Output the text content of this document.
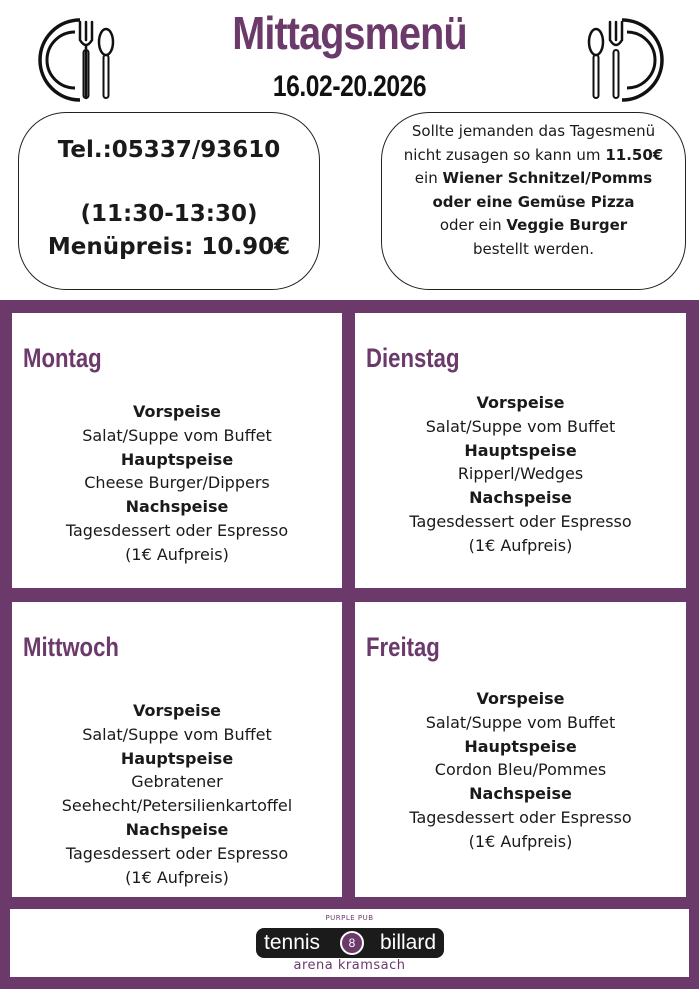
Mittagsmenü
16.02-20.2026
Tel.:05337/93610
(11:30-13:30)
Menüpreis: 10.90€
Sollte jemanden das Tagesmenü
nicht zusagen so kann um 11.50€
ein Wiener Schnitzel/Pomms
oder eine Gemüse Pizza
oder ein Veggie Burger
bestellt werden.
Montag
Vorspeise
Salat/Suppe vom Buffet
Hauptspeise
Cheese Burger/Dippers
Nachspeise
Tagesdessert oder Espresso
(1€ Aufpreis)
Dienstag
Vorspeise
Salat/Suppe vom Buffet
Hauptspeise
Ripperl/Wedges
Nachspeise
Tagesdessert oder Espresso
(1€ Aufpreis)
Mittwoch
Vorspeise
Salat/Suppe vom Buffet
Hauptspeise
Gebratener
Seehecht/Petersilienkartoffel
Nachspeise
Tagesdessert oder Espresso
(1€ Aufpreis)
Freitag
Vorspeise
Salat/Suppe vom Buffet
Hauptspeise
Cordon Bleu/Pommes
Nachspeise
Tagesdessert oder Espresso
(1€ Aufpreis)
PURPLE PUB
tennis	8	billard
arena kramsach
